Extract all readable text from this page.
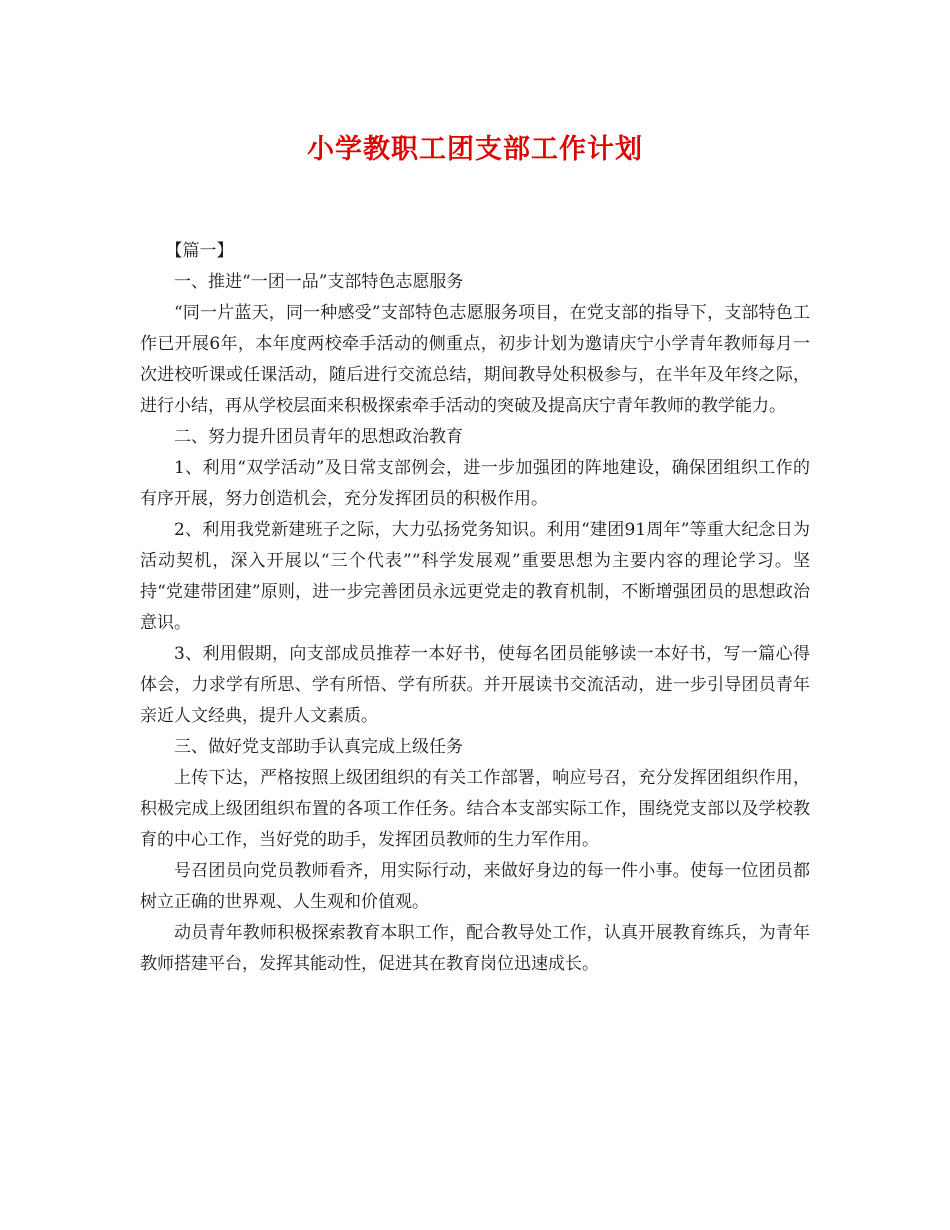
小学教职工团支部工作计划

【篇一】

一、推进“一团一品”支部特色志愿服务

“同一片蓝天，同一种感受”支部特色志愿服务项目，在党支部的指导下，支部特色工作已开展6年，本年度两校牵手活动的侧重点，初步计划为邀请庆宁小学青年教师每月一次进校听课或任课活动，随后进行交流总结，期间教导处积极参与，在半年及年终之际，进行小结，再从学校层面来积极探索牵手活动的突破及提高庆宁青年教师的教学能力。

二、努力提升团员青年的思想政治教育

1、利用“双学活动”及日常支部例会，进一步加强团的阵地建设，确保团组织工作的有序开展，努力创造机会，充分发挥团员的积极作用。

2、利用我党新建班子之际，大力弘扬党务知识。利用“建团91周年”等重大纪念日为活动契机，深入开展以“三个代表”“科学发展观”重要思想为主要内容的理论学习。坚持“党建带团建”原则，进一步完善团员永远更党走的教育机制，不断增强团员的思想政治意识。

3、利用假期，向支部成员推荐一本好书，使每名团员能够读一本好书，写一篇心得体会，力求学有所思、学有所悟、学有所获。并开展读书交流活动，进一步引导团员青年亲近人文经典，提升人文素质。

三、做好党支部助手认真完成上级任务

上传下达，严格按照上级团组织的有关工作部署，响应号召，充分发挥团组织作用，积极完成上级团组织布置的各项工作任务。结合本支部实际工作，围绕党支部以及学校教育的中心工作，当好党的助手，发挥团员教师的生力军作用。

号召团员向党员教师看齐，用实际行动，来做好身边的每一件小事。使每一位团员都树立正确的世界观、人生观和价值观。

动员青年教师积极探索教育本职工作，配合教导处工作，认真开展教育练兵，为青年教师搭建平台，发挥其能动性，促进其在教育岗位迅速成长。
